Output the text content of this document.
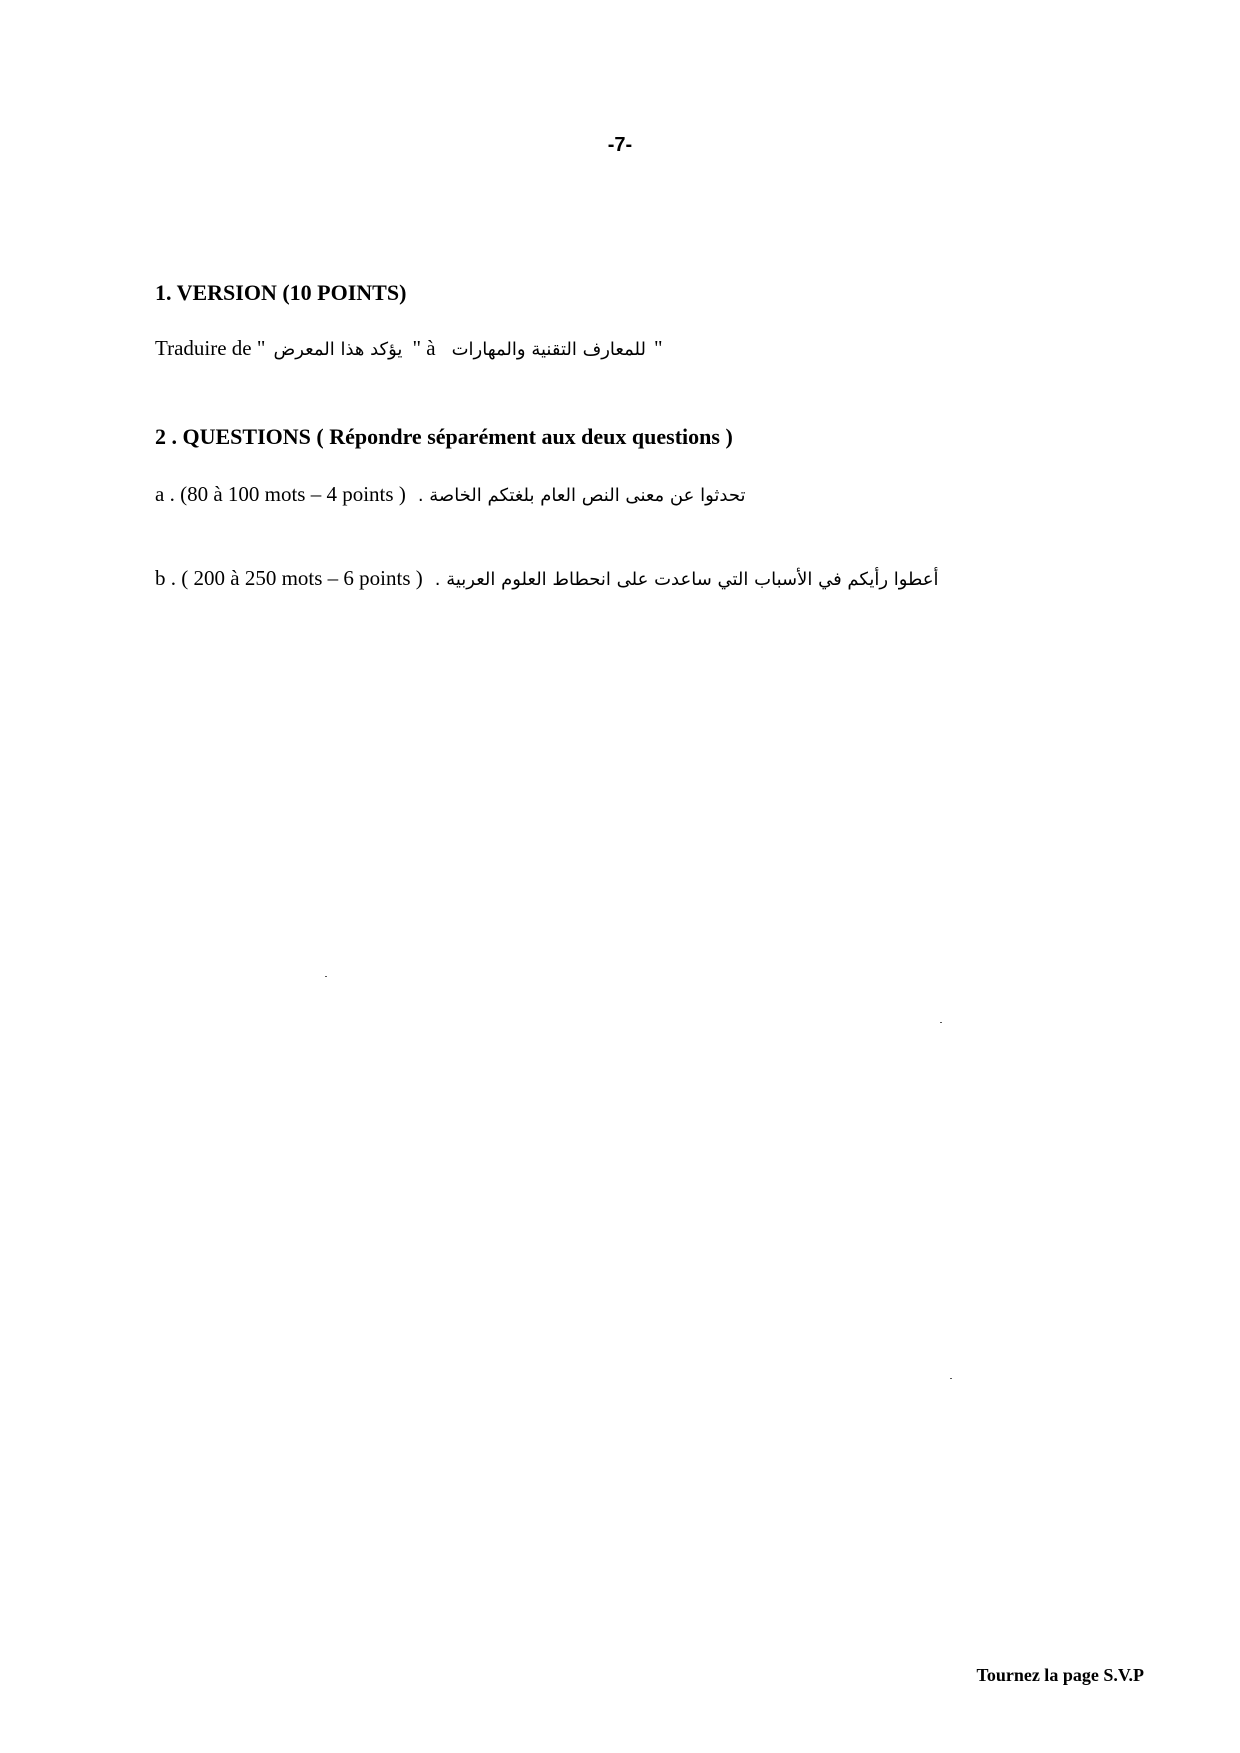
-7-
1. VERSION (10 POINTS)
Traduire de " يؤكد هذا المعرض " à للمعارف التقنية والمهارات "
2 . QUESTIONS ( Répondre séparément aux deux questions )
a . (80 à 100 mots – 4 points ) تحدثوا عن معنى النص العام بلغتكم الخاصة .
b . ( 200 à 250 mots – 6 points ) أعطوا رأيكم في الأسباب التي ساعدت على انحطاط العلوم العربية .
Tournez la page S.V.P
